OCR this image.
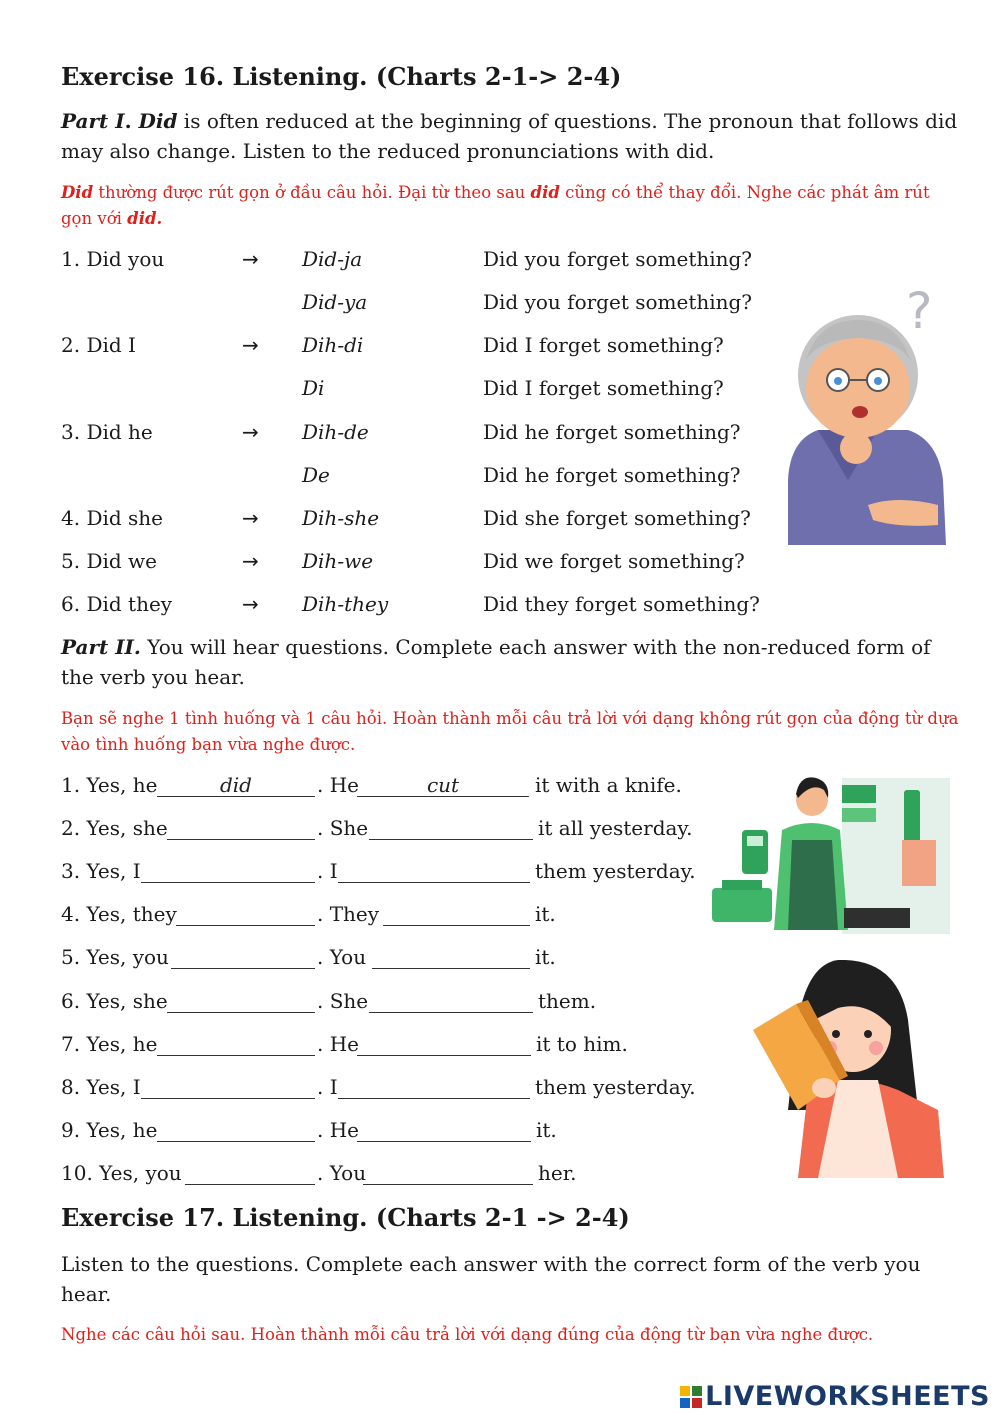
Exercise 16. Listening. (Charts 2-1-> 2-4)
Part I. Did is often reduced at the beginning of questions. The pronoun that follows did may also change. Listen to the reduced pronunciations with did.
Did thường được rút gọn ở đầu câu hỏi. Đại từ theo sau did cũng có thể thay đổi. Nghe các phát âm rút gọn với did.
1. Did you	→ Did-ja	Did you forget something?
Did-ya	Did you forget something?
2. Did I	→ Dih-di	Did I forget something?
Di	Did I forget something?
3. Did he	→ Dih-de	Did he forget something?
De	Did he forget something?
4. Did she	→ Dih-she	Did she forget something?
5. Did we	→ Dih-we	Did we forget something?
6. Did they	→ Dih-they	Did they forget something?
?
Part II. You will hear questions. Complete each answer with the non-reduced form of the verb you hear.
Bạn sẽ nghe 1 tình huống và 1 câu hỏi. Hoàn thành mỗi câu trả lời với dạng không rút gọn của động từ dựa vào tình huống bạn vừa nghe được.
1. Yes, he
did	. He
cut	it with a knife.
2. Yes, she	. She	it all yesterday.
3. Yes, I	. I	them yesterday.
4. Yes, they	. They	it.
5. Yes, you	. You	it.
6. Yes, she	. She	them.
7. Yes, he	. He	it to him.
8. Yes, I	. I	them yesterday.
9. Yes, he	. He	it.
10. Yes, you	. You	her.
Exercise 17. Listening. (Charts 2-1 -> 2-4)
Listen to the questions. Complete each answer with the correct form of the verb you hear.
Nghe các câu hỏi sau. Hoàn thành mỗi câu trả lời với dạng đúng của động từ bạn vừa nghe được.
LIVEWORKSHEETS
